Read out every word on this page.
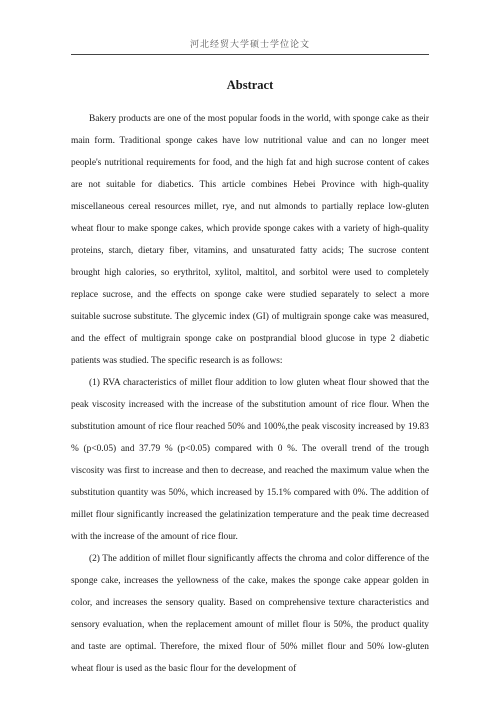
河北经贸大学硕士学位论文
Abstract

Bakery products are one of the most popular foods in the world, with sponge cake as their main form. Traditional sponge cakes have low nutritional value and can no longer meet people's nutritional requirements for food, and the high fat and high sucrose content of cakes are not suitable for diabetics. This article combines Hebei Province with high-quality miscellaneous cereal resources millet, rye, and nut almonds to partially replace low-gluten wheat flour to make sponge cakes, which provide sponge cakes with a variety of high-quality proteins, starch, dietary fiber, vitamins, and unsaturated fatty acids; The sucrose content brought high calories, so erythritol, xylitol, maltitol, and sorbitol were used to completely replace sucrose, and the effects on sponge cake were studied separately to select a more suitable sucrose substitute. The glycemic index (GI) of multigrain sponge cake was measured, and the effect of multigrain sponge cake on postprandial blood glucose in type 2 diabetic patients was studied. The specific research is as follows:

(1) RVA characteristics of millet flour addition to low gluten wheat flour showed that the peak viscosity increased with the increase of the substitution amount of rice flour. When the substitution amount of rice flour reached 50% and 100%,the peak viscosity increased by 19.83 % (p<0.05) and 37.79 % (p<0.05) compared with 0 %. The overall trend of the trough viscosity was first to increase and then to decrease, and reached the maximum value when the substitution quantity was 50%, which increased by 15.1% compared with 0%. The addition of millet flour significantly increased the gelatinization temperature and the peak time decreased with the increase of the amount of rice flour.

(2) The addition of millet flour significantly affects the chroma and color difference of the sponge cake, increases the yellowness of the cake, makes the sponge cake appear golden in color, and increases the sensory quality. Based on comprehensive texture characteristics and sensory evaluation, when the replacement amount of millet flour is 50%, the product quality and taste are optimal. Therefore, the mixed flour of 50% millet flour and 50% low-gluten wheat flour is used as the basic flour for the development of
